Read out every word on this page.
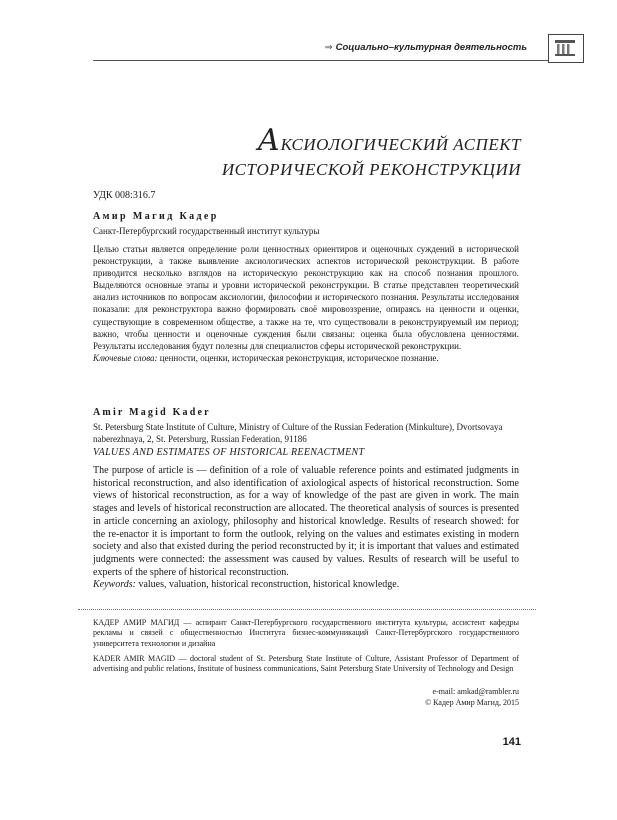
⇒ Социально–культурная деятельность
АКСИОЛОГИЧЕСКИЙ АСПЕКТ
ИСТОРИЧЕСКОЙ РЕКОНСТРУКЦИИ
УДК 008:316.7
Амир Магид Кадер
Санкт-Петербургский государственный институт культуры
Целью статьи является определение роли ценностных ориентиров и оценочных суждений в исторической реконструкции, а также выявление аксиологических аспектов исторической реконструкции. В работе приводится несколько взглядов на историческую реконструкцию как на способ познания прошлого. Выделяются основные этапы и уровни исторической реконструкции. В статье представлен теоретический анализ источников по вопросам аксиологии, философии и исторического познания. Результаты исследования показали: для реконструктора важно формировать своё мировоззрение, опираясь на ценности и оценки, существующие в современном обществе, а также на те, что существовали в реконструируемый им период; важно, чтобы ценности и оценочные суждения были связаны: оценка была обусловлена ценностями. Результаты исследования будут полезны для специалистов сферы исторической реконструкции.
Ключевые слова: ценности, оценки, историческая реконструкция, историческое познание.
Amir Magid Kader
St. Petersburg State Institute of Culture, Ministry of Culture of the Russian Federation (Minkulture), Dvortsovaya naberezhnaya, 2, St. Petersburg, Russian Federation, 91186
VALUES AND ESTIMATES OF HISTORICAL REENACTMENT
The purpose of article is — definition of a role of valuable reference points and estimated judgments in historical reconstruction, and also identification of axiological aspects of historical reconstruction. Some views of historical reconstruction, as for a way of knowledge of the past are given in work. The main stages and levels of historical reconstruction are allocated. The theoretical analysis of sources is presented in article concerning an axiology, philosophy and historical knowledge. Results of research showed: for the re-enactor it is important to form the outlook, relying on the values and estimates existing in modern society and also that existed during the period reconstructed by it; it is important that values and estimated judgments were connected: the assessment was caused by values. Results of research will be useful to experts of the sphere of historical reconstruction.
Keywords: values, valuation, historical reconstruction, historical knowledge.
КАДЕР АМИР МАГИД — аспирант Санкт-Петербургского государственного института культуры, ассистент кафедры рекламы и связей с общественностью Института бизнес-коммуникаций Санкт-Петербургского государственного университета технологии и дизайна
KADER AMIR MAGID — doctoral student of St. Petersburg State Institute of Culture, Assistant Professor of Department of advertising and public relations, Institute of business communications, Saint Petersburg State University of Technology and Design
e-mail: amkad@rambler.ru
© Кадер Амир Магид, 2015
141
